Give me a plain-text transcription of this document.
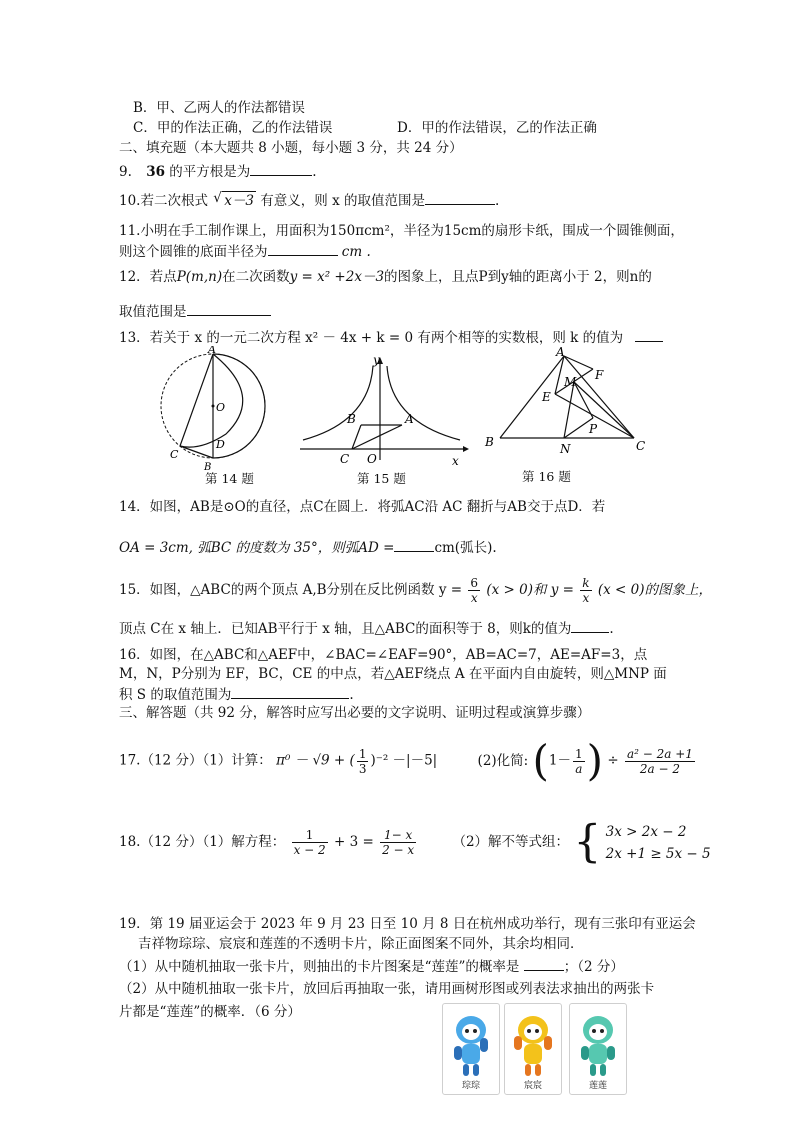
B．甲、乙两人的作法都错误
C．甲的作法正确，乙的作法错误	D．甲的作法错误，乙的作法正确
二、填充题（本大题共 8 小题，每小题 3 分，共 24 分）
9. 36 的平方根是为	.
10.若二次根式 √ x－3 有意义，则 x 的取值范围是	.
11.小明在手工制作课上，用面积为150πcm²，半径为15cm的扇形卡纸，围成一个圆锥侧面，
则这个圆锥的底面半径为	cm .
12．若点P(m,n)在二次函数y = x² +2x－3的图象上，且点P到y轴的距离小于 2，则n的
取值范围是
13．若关于 x 的一元二次方程 x² － 4x + k = 0 有两个相等的实数根，则 k 的值为
A
O
D
C
B
第 14 题
y
x
A
B
C O
第 15 题
A
M F
E
P
B	N	C
第 16 题
14．如图，AB是⊙O的直径，点C在圆上．将弧AC沿 AC 翻折与AB交于点D．若
OA = 3cm, 弧BC 的度数为 35°，则弧AD =	cm(弧长).
15．如图，△ABC的两个顶点 A,B分别在反比例函数 $y = \frac{6}{x} (x > 0)$和 $y = \frac{k}{x} (x < 0)$的图象上，
顶点 C在 x 轴上．已知AB平行于 x 轴，且△ABC的面积等于 8，则k的值为	.
16．如图，在△ABC和△AEF中，∠BAC=∠EAF=90°，AB=AC=7，AE=AF=3，点
M，N，P分别为 EF，BC，CE 的中点，若△AEF绕点 A 在平面内自由旋转，则△MNP 面
积 S 的取值范围为	.
三、解答题（共 92 分，解答时应写出必要的文字说明、证明过程或演算步骤）
17.（12 分）（1）计算： π⁰ － √9 + ( $\frac{1}{3} )^{-2} -|-5|$	(2)化简: ($1- \frac{1}{a}$ ) ÷ $\frac{\text{a² − 2a +1}}{2a - 2}$
18.（12 分）（1）解方程： $\frac{1}{x - 2} + 3 = \frac{1- x}{2 - x}$	（2）解不等式组： { 3x > 2x − 2
2x +1 ≥ 5x − 5
19．第 19 届亚运会于 2023 年 9 月 23 日至 10 月 8 日在杭州成功举行，现有三张印有亚运会
吉祥物琮琮、宸宸和莲莲的不透明卡片，除正面图案不同外，其余均相同．
（1）从中随机抽取一张卡片，则抽出的卡片图案是“莲莲”的概率是	；（2 分）
（2）从中随机抽取一张卡片，放回后再抽取一张，请用画树形图或列表法求抽出的两张卡
片都是“莲莲”的概率．（6 分）
琮琮	宸宸	莲莲
